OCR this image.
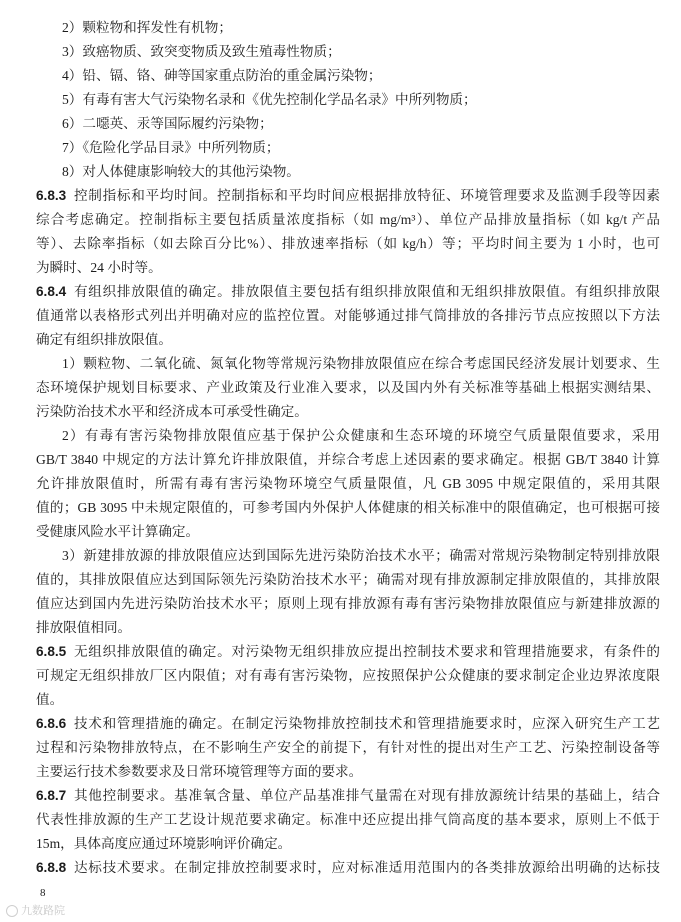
2）颗粒物和挥发性有机物；
3）致癌物质、致突变物质及致生殖毒性物质；
4）铅、镉、铬、砷等国家重点防治的重金属污染物；
5）有毒有害大气污染物名录和《优先控制化学品名录》中所列物质；
6）二噁英、汞等国际履约污染物；
7）《危险化学品目录》中所列物质；
8）对人体健康影响较大的其他污染物。
6.8.3 控制指标和平均时间。控制指标和平均时间应根据排放特征、环境管理要求及监测手段等因素
综合考虑确定。控制指标主要包括质量浓度指标（如 mg/m³）、单位产品排放量指标（如 kg/t 产品
等）、去除率指标（如去除百分比%）、排放速率指标（如 kg/h）等；平均时间主要为 1 小时，也可
为瞬时、24 小时等。
6.8.4 有组织排放限值的确定。排放限值主要包括有组织排放限值和无组织排放限值。有组织排放限
值通常以表格形式列出并明确对应的监控位置。对能够通过排气筒排放的各排污节点应按照以下方法
确定有组织排放限值。
1）颗粒物、二氧化硫、氮氧化物等常规污染物排放限值应在综合考虑国民经济发展计划要求、生
态环境保护规划目标要求、产业政策及行业准入要求，以及国内外有关标准等基础上根据实测结果、
污染防治技术水平和经济成本可承受性确定。
2）有毒有害污染物排放限值应基于保护公众健康和生态环境的环境空气质量限值要求，采用
GB/T 3840 中规定的方法计算允许排放限值，并综合考虑上述因素的要求确定。根据 GB/T 3840 计算
允许排放限值时，所需有毒有害污染物环境空气质量限值，凡 GB 3095 中规定限值的，采用其限
值的；GB 3095 中未规定限值的，可参考国内外保护人体健康的相关标准中的限值确定，也可根据可接
受健康风险水平计算确定。
3）新建排放源的排放限值应达到国际先进污染防治技术水平；确需对常规污染物制定特别排放限
值的，其排放限值应达到国际领先污染防治技术水平；确需对现有排放源制定排放限值的，其排放限
值应达到国内先进污染防治技术水平；原则上现有排放源有毒有害污染物排放限值应与新建排放源的
排放限值相同。
6.8.5 无组织排放限值的确定。对污染物无组织排放应提出控制技术要求和管理措施要求，有条件的
可规定无组织排放厂区内限值；对有毒有害污染物，应按照保护公众健康的要求制定企业边界浓度限
值。
6.8.6 技术和管理措施的确定。在制定污染物排放控制技术和管理措施要求时，应深入研究生产工艺
过程和污染物排放特点，在不影响生产安全的前提下，有针对性的提出对生产工艺、污染控制设备等
主要运行技术参数要求及日常环境管理等方面的要求。
6.8.7 其他控制要求。基准氧含量、单位产品基准排气量需在对现有排放源统计结果的基础上，结合
代表性排放源的生产工艺设计规范要求确定。标准中还应提出排气筒高度的基本要求，原则上不低于
15m，具体高度应通过环境影响评价确定。
6.8.8 达标技术要求。在制定排放控制要求时，应对标准适用范围内的各类排放源给出明确的达标技
8
九数路院
